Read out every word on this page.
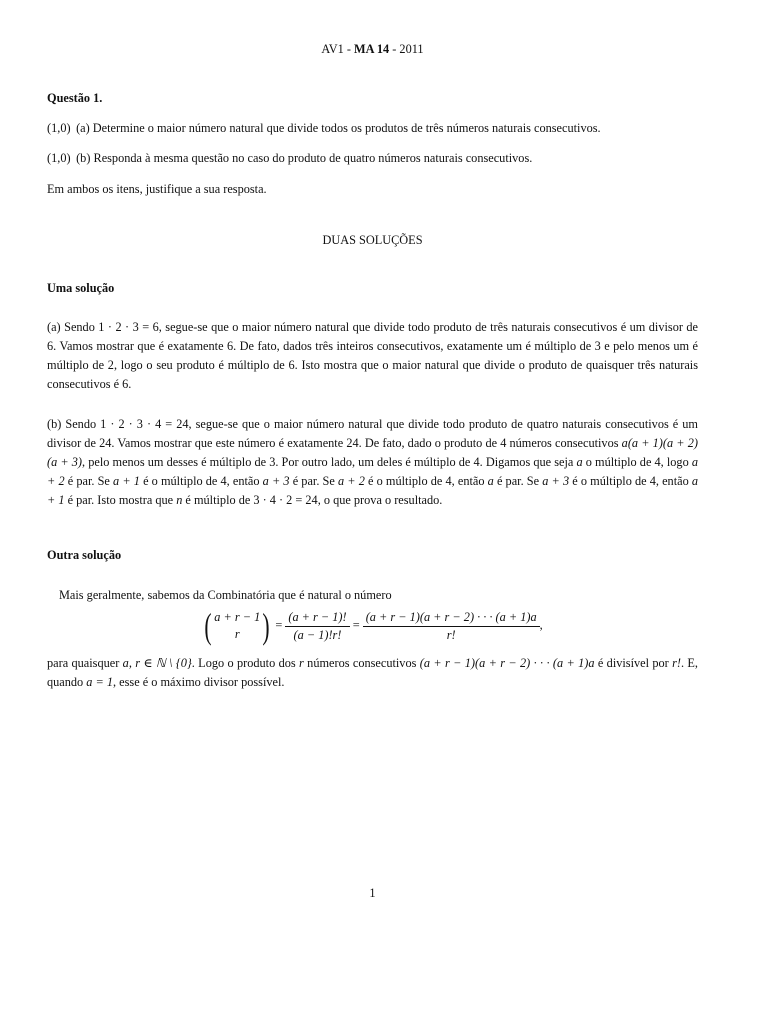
AV1 - MA 14 - 2011
Questão 1.
(1,0) (a) Determine o maior número natural que divide todos os produtos de três números naturais consecutivos.
(1,0) (b) Responda à mesma questão no caso do produto de quatro números naturais consecutivos.
Em ambos os itens, justifique a sua resposta.
DUAS SOLUÇÕES
Uma solução
(a) Sendo 1 · 2 · 3 = 6, segue-se que o maior número natural que divide todo produto de três naturais consecutivos é um divisor de 6. Vamos mostrar que é exatamente 6. De fato, dados três inteiros consecutivos, exatamente um é múltiplo de 3 e pelo menos um é múltiplo de 2, logo o seu produto é múltiplo de 6. Isto mostra que o maior natural que divide o produto de quaisquer três naturais consecutivos é 6.
(b) Sendo 1 · 2 · 3 · 4 = 24, segue-se que o maior número natural que divide todo produto de quatro naturais consecutivos é um divisor de 24. Vamos mostrar que este número é exatamente 24. De fato, dado o produto de 4 números consecutivos a(a + 1)(a + 2)(a + 3), pelo menos um desses é múltiplo de 3. Por outro lado, um deles é múltiplo de 4. Digamos que seja a o múltiplo de 4, logo a + 2 é par. Se a + 1 é o múltiplo de 4, então a + 3 é par. Se a + 2 é o múltiplo de 4, então a é par. Se a + 3 é o múltiplo de 4, então a + 1 é par. Isto mostra que n é múltiplo de 3 · 4 · 2 = 24, o que prova o resultado.
Outra solução
Mais geralmente, sabemos da Combinatória que é natural o número
( a + r − 1
r ) = $\frac{(a + r - 1)!}{(a - 1)!r!} = \frac{(a + r - 1)(a + r - 2) \cdot \cdot \cdot (a + 1)a}{r!}$ ,
para quaisquer a, r ∈ ℕ \ {0}. Logo o produto dos r números consecutivos (a + r − 1)(a + r − 2) · · · (a + 1)a é divisível por r!. E, quando a = 1, esse é o máximo divisor possível.
1
